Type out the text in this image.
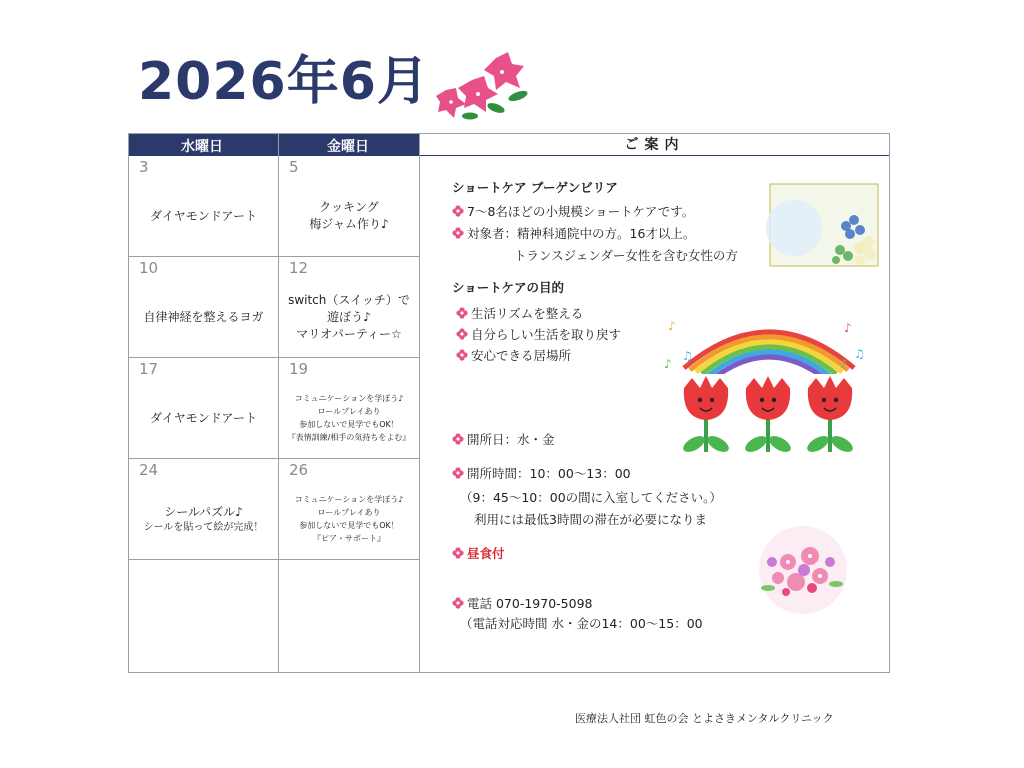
2026年6月
水曜日	金曜日
3
ダイヤモンドアート
5
クッキング
梅ジャム作り♪
10
自律神経を整えるヨガ
12
switch（スイッチ）で
遊ぼう♪
マリオパーティー☆
17
ダイヤモンドアート
19
コミュニケーションを学ぼう♪
ロールプレイあり
参加しないで見学でもOK！
『表情訓練/相手の気持ちをよむ』
24
シールパズル♪
シールを貼って絵が完成！
26
コミュニケーションを学ぼう♪
ロールプレイあり
参加しないで見学でもOK！
『ピア・サポート』
ご案内
ショートケア ブーゲンビリア
7〜8名ほどの小規模ショートケアです。
対象者：精神科通院中の方。16才以上。
トランスジェンダー女性を含む女性の方
ショートケアの目的
生活リズムを整える
自分らしい生活を取り戻す
安心できる居場所
開所日：水・金
開所時間：10：00〜13：00
（9：45〜10：00の間に入室してください。）
利用には最低3時間の滞在が必要になりま
昼食付
電話 070-1970-5098
（電話対応時間 水・金の14：00〜15：00
♪
♫
♪
♪
♫
♪
医療法人社団 虹色の会 とよさきメンタルクリニック
